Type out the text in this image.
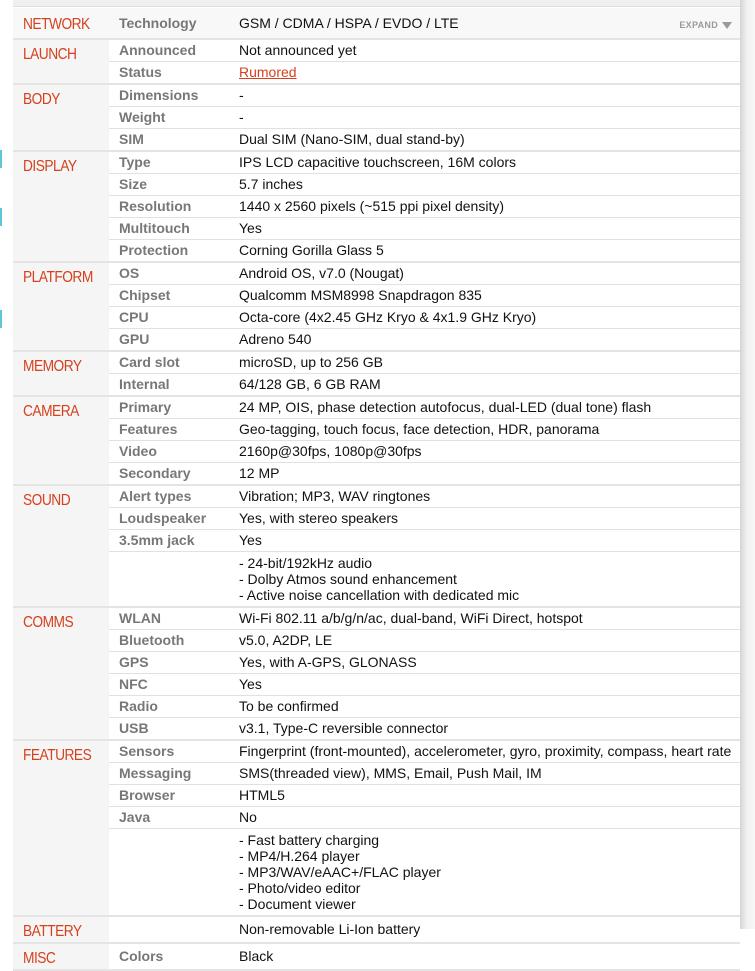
NETWORK	Technology	GSM / CDMA / HSPA / EVDO / LTE EXPAND

LAUNCH	Announced	Not announced yet

	Status	Rumored

BODY	Dimensions	-

	Weight	-

	SIM	Dual SIM (Nano-SIM, dual stand-by)

DISPLAY	Type	IPS LCD capacitive touchscreen, 16M colors

	Size	5.7 inches

	Resolution	1440 x 2560 pixels (~515 ppi pixel density)

	Multitouch	Yes

	Protection	Corning Gorilla Glass 5

PLATFORM	OS	Android OS, v7.0 (Nougat)

	Chipset	Qualcomm MSM8998 Snapdragon 835

	CPU	Octa-core (4x2.45 GHz Kryo & 4x1.9 GHz Kryo)

	GPU	Adreno 540

MEMORY	Card slot	microSD, up to 256 GB

	Internal	64/128 GB, 6 GB RAM

CAMERA	Primary	24 MP, OIS, phase detection autofocus, dual-LED (dual tone) flash

	Features	Geo-tagging, touch focus, face detection, HDR, panorama

	Video	2160p@30fps, 1080p@30fps

	Secondary	12 MP

SOUND	Alert types	Vibration; MP3, WAV ringtones

	Loudspeaker	Yes, with stereo speakers

	3.5mm jack	Yes

		- 24-bit/192kHz audio
- Dolby Atmos sound enhancement
- Active noise cancellation with dedicated mic

COMMS	WLAN	Wi-Fi 802.11 a/b/g/n/ac, dual-band, WiFi Direct, hotspot

	Bluetooth	v5.0, A2DP, LE

	GPS	Yes, with A-GPS, GLONASS

	NFC	Yes

	Radio	To be confirmed

	USB	v3.1, Type-C reversible connector

FEATURES	Sensors	Fingerprint (front-mounted), accelerometer, gyro, proximity, compass, heart rate

	Messaging	SMS(threaded view), MMS, Email, Push Mail, IM

	Browser	HTML5

	Java	No

		- Fast battery charging
- MP4/H.264 player
- MP3/WAV/eAAC+/FLAC player
- Photo/video editor
- Document viewer

BATTERY		Non-removable Li-Ion battery

MISC	Colors	Black
